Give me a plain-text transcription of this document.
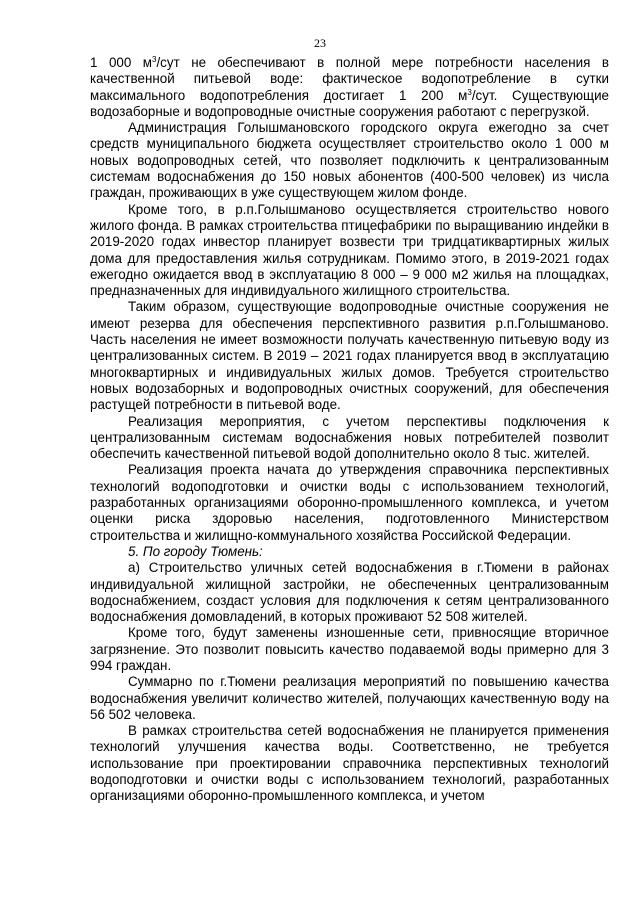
23

1 000 $м^3$/сут не обеспечивают в полной мере потребности населения в качественной питьевой воде: фактическое водопотребление в сутки максимального водопотребления достигает 1 200 $м^3$/сут. Существующие водозаборные и водопроводные очистные сооружения работают с перегрузкой.

Администрация Голышмановского городского округа ежегодно за счет средств муниципального бюджета осуществляет строительство около 1 000 м новых водопроводных сетей, что позволяет подключить к централизованным системам водоснабжения до 150 новых абонентов (400-500 человек) из числа граждан, проживающих в уже существующем жилом фонде.

Кроме того, в р.п.Голышманово осуществляется строительство нового жилого фонда. В рамках строительства птицефабрики по выращиванию индейки в 2019-2020 годах инвестор планирует возвести три тридцатиквартирных жилых дома для предоставления жилья сотрудникам. Помимо этого, в 2019-2021 годах ежегодно ожидается ввод в эксплуатацию 8 000 – 9 000 м2 жилья на площадках, предназначенных для индивидуального жилищного строительства.

Таким образом, существующие водопроводные очистные сооружения не имеют резерва для обеспечения перспективного развития р.п.Голышманово. Часть населения не имеет возможности получать качественную питьевую воду из централизованных систем. В 2019 – 2021 годах планируется ввод в эксплуатацию многоквартирных и индивидуальных жилых домов. Требуется строительство новых водозаборных и водопроводных очистных сооружений, для обеспечения растущей потребности в питьевой воде.

Реализация мероприятия, с учетом перспективы подключения к централизованным системам водоснабжения новых потребителей позволит обеспечить качественной питьевой водой дополнительно около 8 тыс. жителей.

Реализация проекта начата до утверждения справочника перспективных технологий водоподготовки и очистки воды с использованием технологий, разработанных организациями оборонно-промышленного комплекса, и учетом оценки риска здоровью населения, подготовленного Министерством строительства и жилищно-коммунального хозяйства Российской Федерации.

5. По городу Тюмень:

а) Строительство уличных сетей водоснабжения в г.Тюмени в районах индивидуальной жилищной застройки, не обеспеченных централизованным водоснабжением, создаст условия для подключения к сетям централизованного водоснабжения домовладений, в которых проживают 52 508 жителей.

Кроме того, будут заменены изношенные сети, привносящие вторичное загрязнение. Это позволит повысить качество подаваемой воды примерно для 3 994 граждан.

Суммарно по г.Тюмени реализация мероприятий по повышению качества водоснабжения увеличит количество жителей, получающих качественную воду на 56 502 человека.

В рамках строительства сетей водоснабжения не планируется применения технологий улучшения качества воды. Соответственно, не требуется использование при проектировании справочника перспективных технологий водоподготовки и очистки воды с использованием технологий, разработанных организациями оборонно-промышленного комплекса, и учетом
